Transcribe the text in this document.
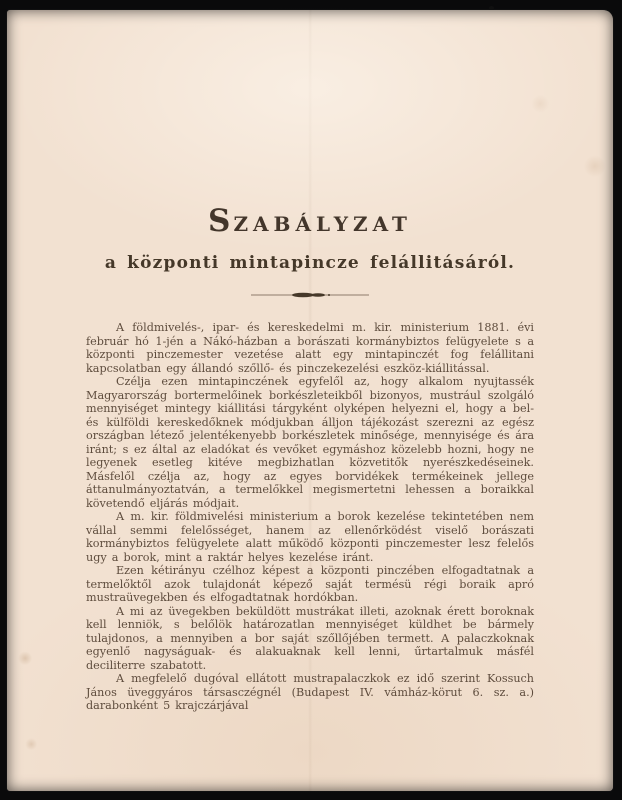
SZABÁLYZAT
a központi mintapincze felállitásáról.

A földmivelés-, ipar- és kereskedelmi m. kir. ministerium 1881. évi február hó 1-jén a Nákó-házban a borászati kormánybiztos felügyelete s a központi pinczemester vezetése alatt egy mintapinczét fog felállitani kapcsolatban egy állandó szőllő- és pinczekezelési eszköz-kiállitással.

Czélja ezen mintapinczének egyfelől az, hogy alkalom nyujtassék Magyarország bortermelőinek borkészleteikből bizonyos, mustrául szolgáló mennyiséget mintegy kiállitási tárgyként olyképen helyezni el, hogy a bel- és külföldi kereskedőknek módjukban álljon tájékozást szerezni az egész országban létező jelentékenyebb borkészletek minősége, mennyisége és ára iránt; s ez által az eladókat és vevőket egymáshoz közelebb hozni, hogy ne legyenek esetleg kitéve megbizhatlan közvetitők nyerészkedéseinek. Másfelől czélja az, hogy az egyes borvidékek termékeinek jellege áttanulmányoztatván, a termelőkkel megismertetni lehessen a boraikkal követendő eljárás módjait.

A m. kir. földmivelési ministerium a borok kezelése tekintetében nem vállal semmi felelősséget, hanem az ellenőrködést viselő borászati kormánybiztos felügyelete alatt működő központi pinczemester lesz felelős ugy a borok, mint a raktár helyes kezelése iránt.

Ezen kétirányu czélhoz képest a központi pinczében elfogadtatnak a termelőktől azok tulajdonát képező saját termésü régi boraik apró mustraüvegekben és elfogadtatnak hordókban.

A mi az üvegekben beküldött mustrákat illeti, azoknak érett boroknak kell lenniök, s belőlök határozatlan mennyiséget küldhet be bármely tulajdonos, a mennyiben a bor saját szőllőjében termett. A palaczkoknak egyenlő nagyságuak- és alakuaknak kell lenni, űrtartalmuk másfél deciliterre szabatott.

A megfelelő dugóval ellátott mustrapalaczkok ez idő szerint Kossuch János üveggyáros társasczégnél (Budapest IV. vámház-körut 6. sz. a.) darabonként 5 krajczárjával
